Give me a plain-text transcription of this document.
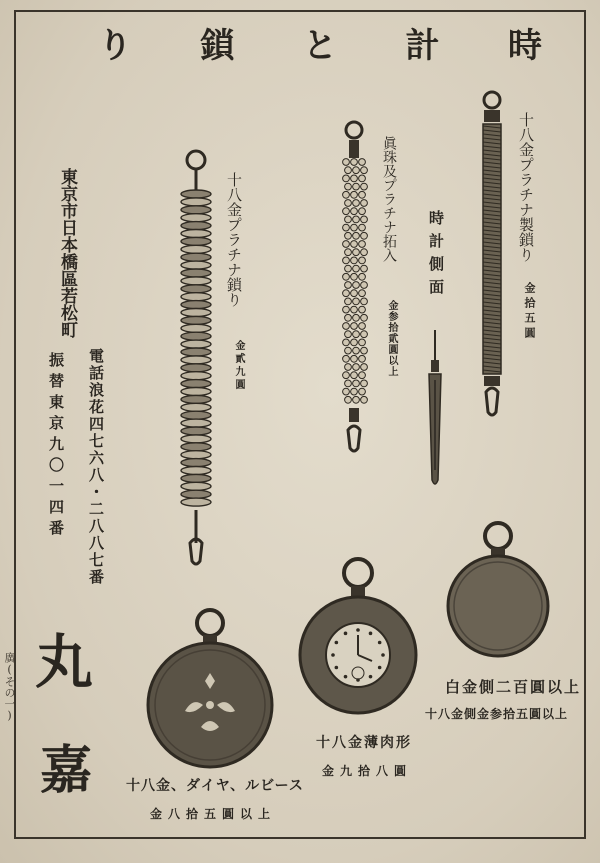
時
計
と
鎖
り
東京市日本橋區若松町
電話浪花四七六八・二八八七番
振替東京九〇一四番
丸
嘉
十八金プラチナ鎖り
金貳九圓
眞珠及プラチナ拓入
金参拾貮圓以上
時計側面	十八金プラチナ製鎖り
金拾五圓
白金側二百圓以上
十八金側金参拾五圓以上
十八金薄肉形
金九拾八圓
十八金、ダイヤ、ルビース
金八拾五圓以上
廣(その一)
